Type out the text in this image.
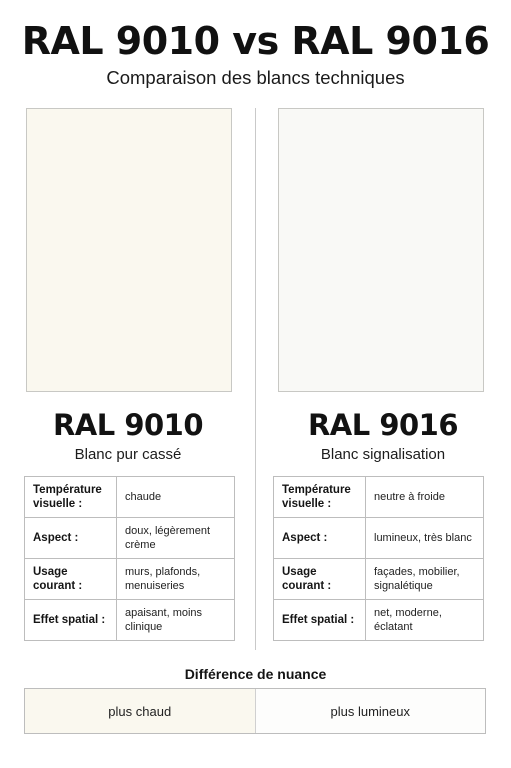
RAL 9010 vs RAL 9016
Comparaison des blancs techniques
RAL 9010
Blanc pur cassé
RAL 9016
Blanc signalisation
Température visuelle :	chaude
Aspect :	doux, légèrement crème
Usage courant :	murs, plafonds, menuiseries
Effet spatial :	apaisant, moins clinique
Température visuelle :	neutre à froide
Aspect :	lumineux, très blanc
Usage courant :	façades, mobilier, signalétique
Effet spatial :	net, moderne, éclatant
Différence de nuance
plus chaud	plus lumineux
